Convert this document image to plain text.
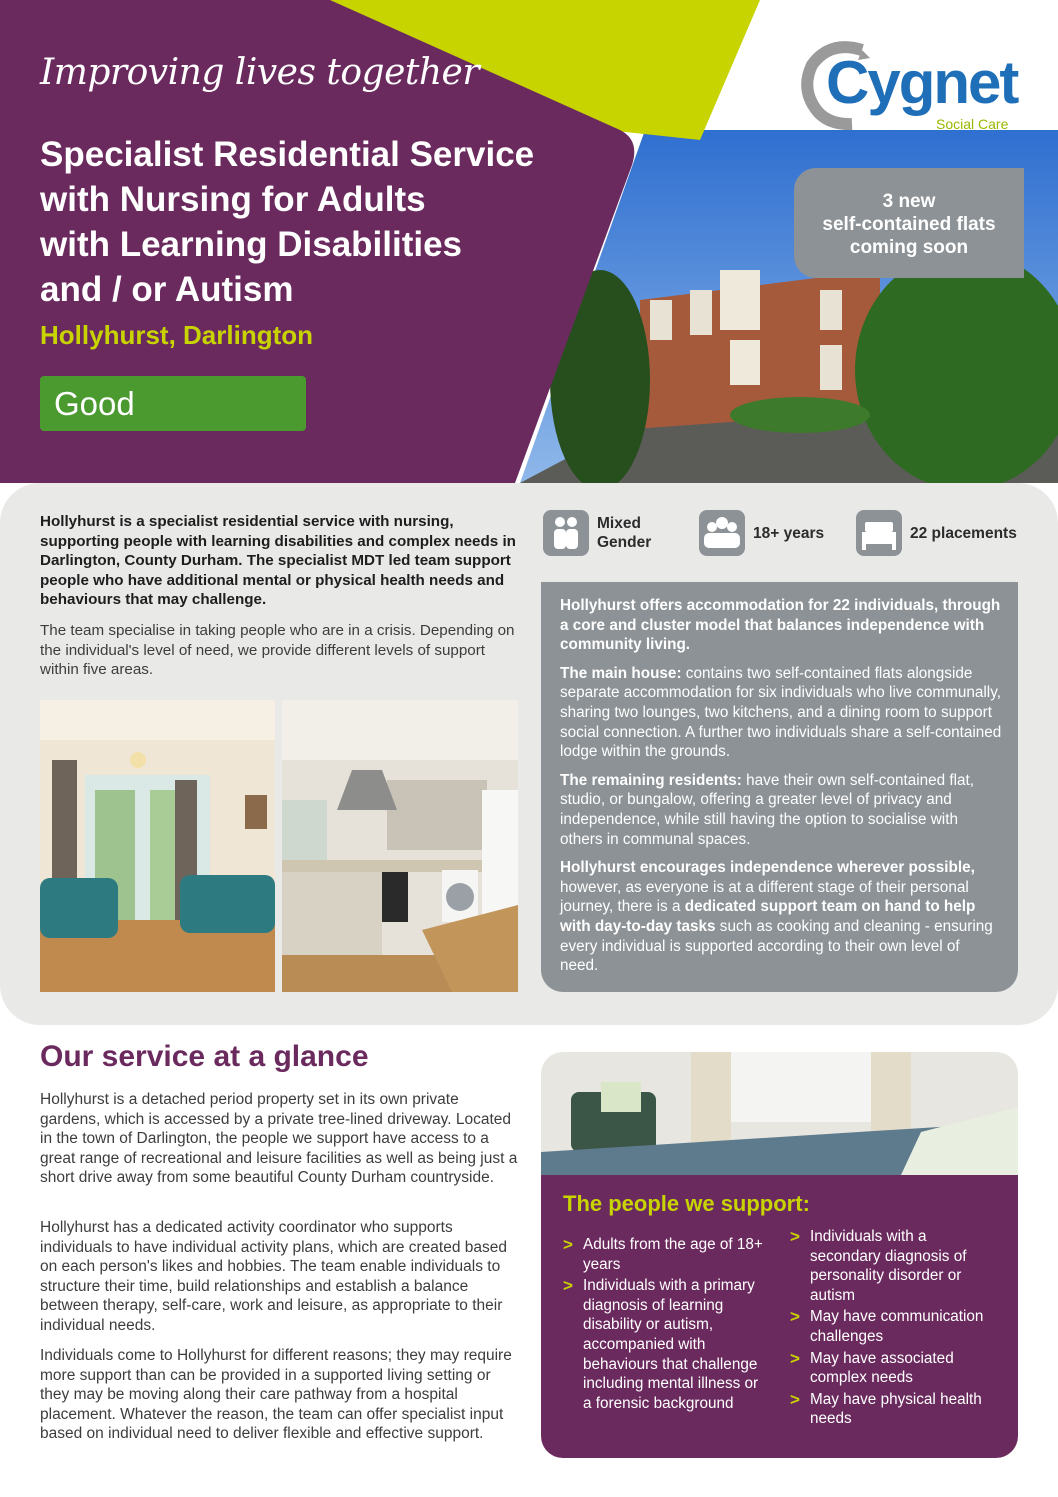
Improving lives together
Specialist Residential Service
with Nursing for Adults
with Learning Disabilities
and / or Autism
Hollyhurst, Darlington
Good
Cygnet
Social Care
3 new
self-contained flats
coming soon

Hollyhurst is a specialist residential service with nursing, supporting people with learning disabilities and complex needs in Darlington, County Durham. The specialist MDT led team support people who have additional mental or physical health needs and behaviours that may challenge.

The team specialise in taking people who are in a crisis. Depending on the individual's level of need, we provide different levels of support within five areas.

Mixed
Gender
18+ years	22 placements

Hollyhurst offers accommodation for 22 individuals, through a core and cluster model that balances independence with community living.

The main house: contains two self-contained flats alongside separate accommodation for six individuals who live communally, sharing two lounges, two kitchens, and a dining room to support social connection. A further two individuals share a self-contained lodge within the grounds.

The remaining residents: have their own self-contained flat, studio, or bungalow, offering a greater level of privacy and independence, while still having the option to socialise with others in communal spaces.

Hollyhurst encourages independence wherever possible, however, as everyone is at a different stage of their personal journey, there is a dedicated support team on hand to help with day-to-day tasks such as cooking and cleaning - ensuring every individual is supported according to their own level of need.

Our service at a glance

Hollyhurst is a detached period property set in its own private gardens, which is accessed by a private tree-lined driveway. Located in the town of Darlington, the people we support have access to a great range of recreational and leisure facilities as well as being just a short drive away from some beautiful County Durham countryside.

Hollyhurst has a dedicated activity coordinator who supports individuals to have individual activity plans, which are created based on each person's likes and hobbies. The team enable individuals to structure their time, build relationships and establish a balance between therapy, self-care, work and leisure, as appropriate to their individual needs.

Individuals come to Hollyhurst for different reasons; they may require more support than can be provided in a supported living setting or they may be moving along their care pathway from a hospital placement. Whatever the reason, the team can offer specialist input based on individual need to deliver flexible and effective support.

The people we support:
> Adults from the age of 18+ years
> Individuals with a primary diagnosis of learning disability or autism, accompanied with behaviours that challenge including mental illness or a forensic background
> Individuals with a secondary diagnosis of personality disorder or autism
> May have communication challenges
> May have associated complex needs
> May have physical health needs
